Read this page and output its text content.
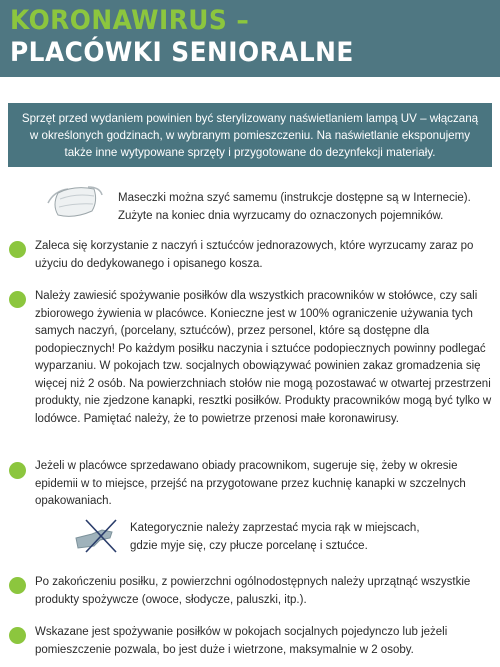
KORONAWIRUS –
PLACÓWKI SENIORALNE
Sprzęt przed wydaniem powinien być sterylizowany naświetlaniem lampą UV – włączaną w określonych godzinach, w wybranym pomieszczeniu. Na naświetlanie eksponujemy także inne wytypowane sprzęty i przygotowane do dezynfekcji materiały.
Maseczki można szyć samemu (instrukcje dostępne są w Internecie). Zużyte na koniec dnia wyrzucamy do oznaczonych pojemników.
Zaleca się korzystanie z naczyń i sztućców jednorazowych, które wyrzucamy zaraz po użyciu do dedykowanego i opisanego kosza.
Należy zawiesić spożywanie posiłków dla wszystkich pracowników w stołówce, czy sali zbiorowego żywienia w placówce. Konieczne jest w 100% ograniczenie używania tych samych naczyń, (porcelany, sztućców), przez personel, które są dostępne dla podopiecznych! Po każdym posiłku naczynia i sztućce podopiecznych powinny podlegać wyparzaniu. W pokojach tzw. socjalnych obowiązywać powinien zakaz gromadzenia się więcej niż 2 osób. Na powierzchniach stołów nie mogą pozostawać w otwartej przestrzeni produkty, nie zjedzone kanapki, resztki posiłków. Produkty pracowników mogą być tylko w lodówce. Pamiętać należy, że to powietrze przenosi małe koronawirusy.
Jeżeli w placówce sprzedawano obiady pracownikom, sugeruje się, żeby w okresie epidemii w to miejsce, przejść na przygotowane przez kuchnię kanapki w szczelnych opakowaniach.
Kategorycznie należy zaprzestać mycia rąk w miejscach, gdzie myje się, czy płucze porcelanę i sztućce.
Po zakończeniu posiłku, z powierzchni ogólnodostępnych należy uprzątnąć wszystkie produkty spożywcze (owoce, słodycze, paluszki, itp.).
Wskazane jest spożywanie posiłków w pokojach socjalnych pojedynczo lub jeżeli pomieszczenie pozwala, bo jest duże i wietrzone, maksymalnie w 2 osoby.
